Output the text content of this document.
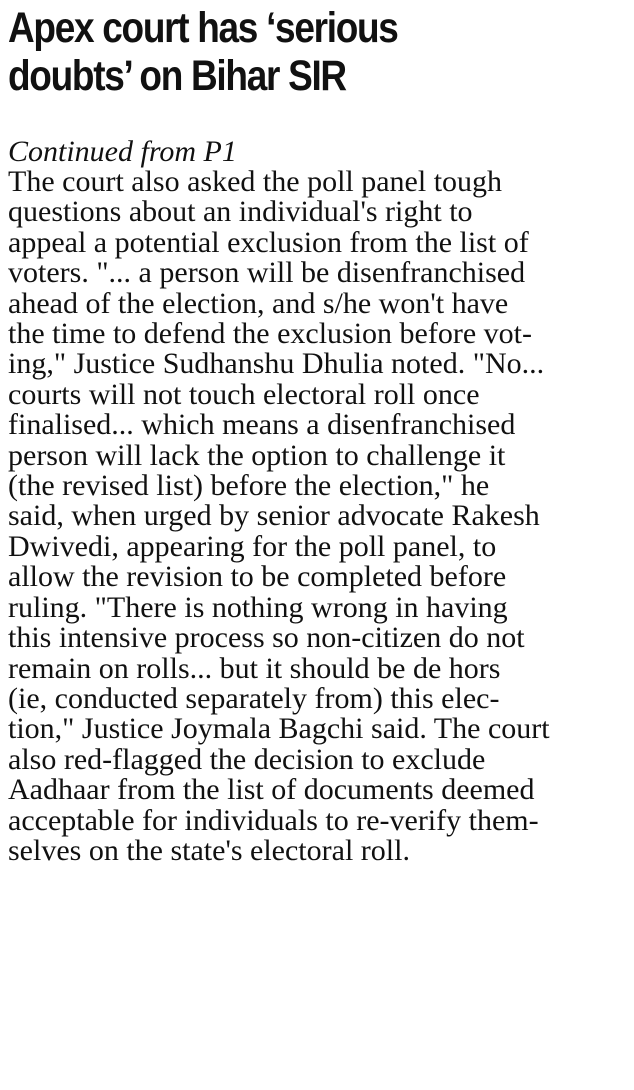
Apex court has ‘serious
doubts’ on Bihar SIR
Continued from P1
The court also asked the poll panel tough
questions about an individual's right to
appeal a potential exclusion from the list of
voters. "... a person will be disenfranchised
ahead of the election, and s/he won't have
the time to defend the exclusion before vot-
ing," Justice Sudhanshu Dhulia noted. "No...
courts will not touch electoral roll once
finalised... which means a disenfranchised
person will lack the option to challenge it
(the revised list) before the election," he
said, when urged by senior advocate Rakesh
Dwivedi, appearing for the poll panel, to
allow the revision to be completed before
ruling. "There is nothing wrong in having
this intensive process so non-citizen do not
remain on rolls... but it should be de hors
(ie, conducted separately from) this elec-
tion," Justice Joymala Bagchi said. The court
also red-flagged the decision to exclude
Aadhaar from the list of documents deemed
acceptable for individuals to re-verify them-
selves on the state's electoral roll.
